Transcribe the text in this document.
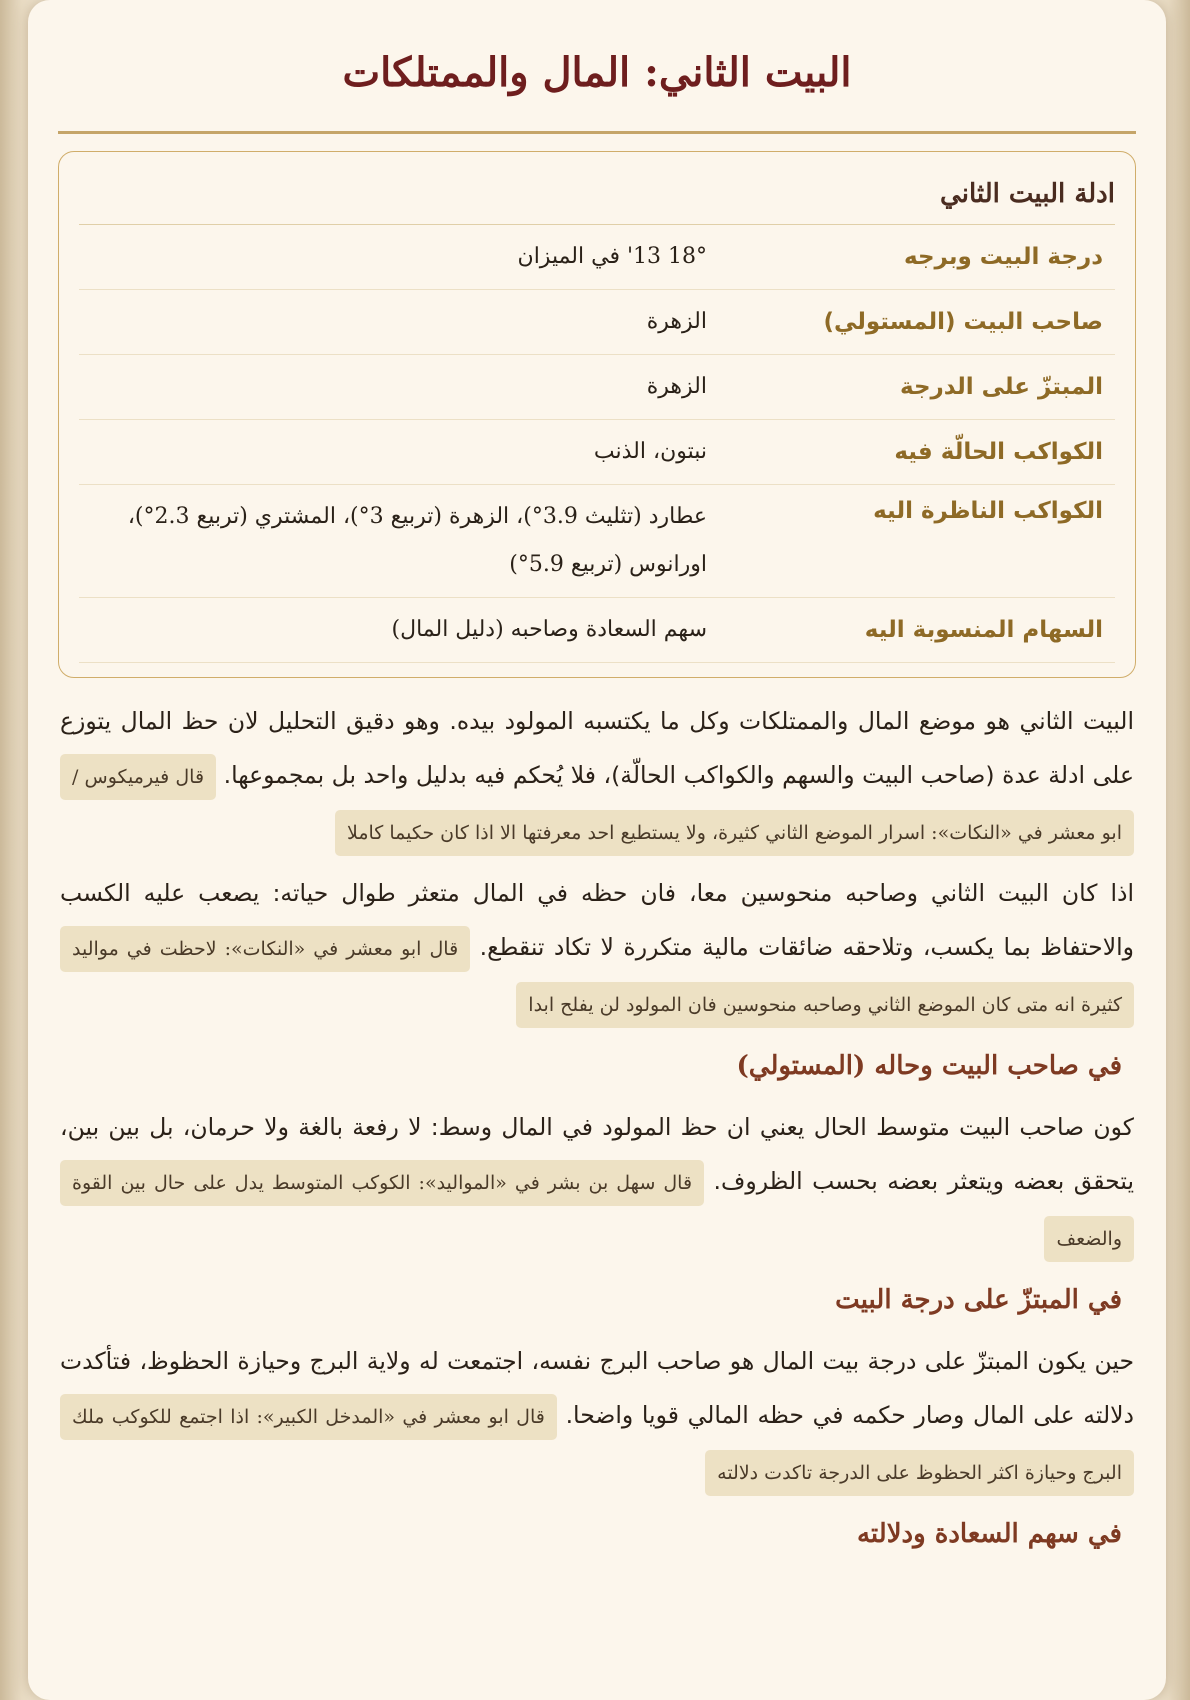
البيت الثاني: المال والممتلكات
ادلة البيت الثاني
درجة البيت وبرجه
18° 13' في الميزان
صاحب البيت (المستولي)
الزهرة
المبتزّ على الدرجة
الزهرة
الكواكب الحالّة فيه
نبتون، الذنب
الكواكب الناظرة اليه
عطارد (تثليث 3.9°)، الزهرة (تربيع 3°)، المشتري (تربيع 2.3°)، اورانوس (تربيع 5.9°)
السهام المنسوبة اليه
سهم السعادة وصاحبه (دليل المال)

البيت الثاني هو موضع المال والممتلكات وكل ما يكتسبه المولود بيده. وهو دقيق التحليل لان حظ المال يتوزع على ادلة عدة (صاحب البيت والسهم والكواكب الحالّة)، فلا يُحكم فيه بدليل واحد بل بمجموعها. قال فيرميكوس / ابو معشر في «النكات»: اسرار الموضع الثاني كثيرة، ولا يستطيع احد معرفتها الا اذا كان حكيما كاملا

اذا كان البيت الثاني وصاحبه منحوسين معا، فان حظه في المال متعثر طوال حياته: يصعب عليه الكسب والاحتفاظ بما يكسب، وتلاحقه ضائقات مالية متكررة لا تكاد تنقطع. قال ابو معشر في «النكات»: لاحظت في مواليد كثيرة انه متى كان الموضع الثاني وصاحبه منحوسين فان المولود لن يفلح ابدا

في صاحب البيت وحاله (المستولي)

كون صاحب البيت متوسط الحال يعني ان حظ المولود في المال وسط: لا رفعة بالغة ولا حرمان، بل بين بين، يتحقق بعضه ويتعثر بعضه بحسب الظروف. قال سهل بن بشر في «المواليد»: الكوكب المتوسط يدل على حال بين القوة والضعف

في المبتزّ على درجة البيت

حين يكون المبتزّ على درجة بيت المال هو صاحب البرج نفسه، اجتمعت له ولاية البرج وحيازة الحظوظ، فتأكدت دلالته على المال وصار حكمه في حظه المالي قويا واضحا. قال ابو معشر في «المدخل الكبير»: اذا اجتمع للكوكب ملك البرج وحيازة اكثر الحظوظ على الدرجة تاكدت دلالته

في سهم السعادة ودلالته
